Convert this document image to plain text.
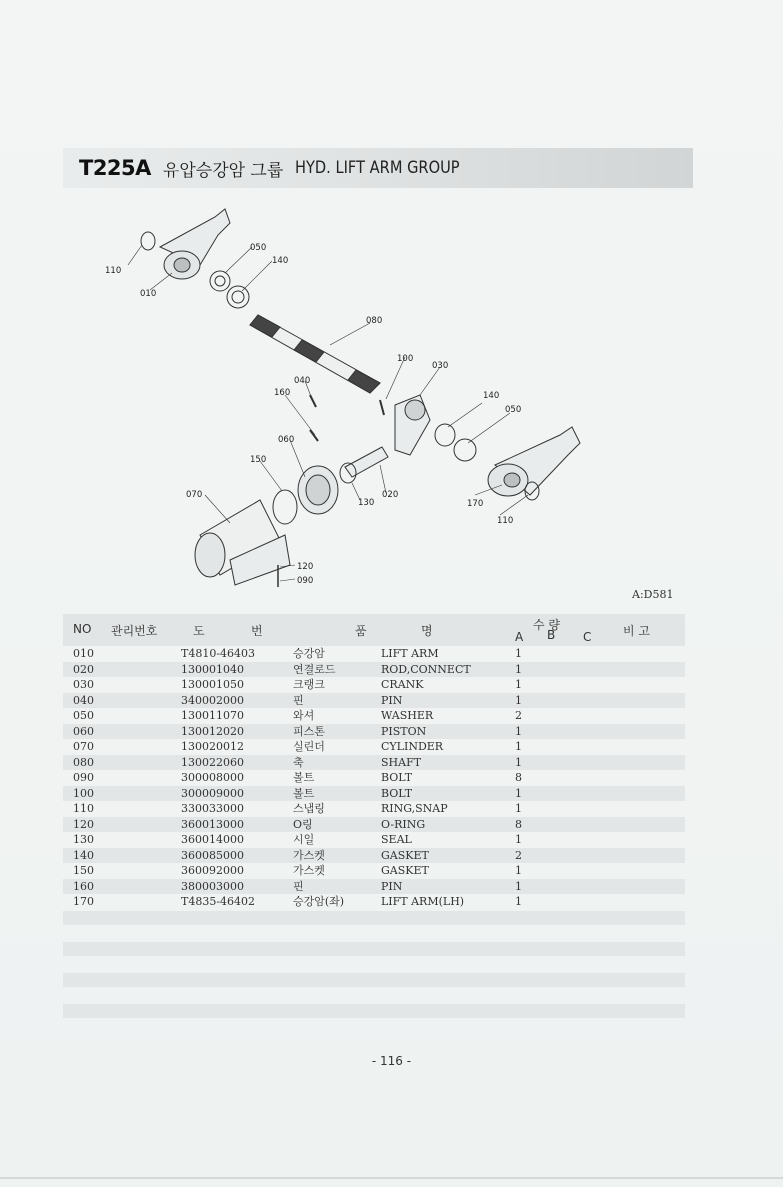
T225A 유압승강암 그룹 HYD. LIFT ARM GROUP
110
010
050
140
080
100
030
040
160	140
050
060
150
070
130
020
170
110
120
090
A:D581
NO 관리번호	도	번	품	명	수 량
A B C	비 고
010	T4810-46403	승강암	LIFT ARM	1
020	130001040	연결로드	ROD,CONNECT	1
030	130001050	크랭크	CRANK	1
040	340002000	핀	PIN	1
050	130011070	와셔	WASHER	2
060	130012020	피스톤	PISTON	1
070	130020012	실린더	CYLINDER	1
080	130022060	축	SHAFT	1
090	300008000	볼트	BOLT	8
100	300009000	볼트	BOLT	1
110	330033000	스냅링	RING,SNAP	1
120	360013000	O링	O-RING	8
130	360014000	시일	SEAL	1
140	360085000	가스켓	GASKET	2
150	360092000	가스켓	GASKET	1
160	380003000	핀	PIN	1
170	T4835-46402	승강암(좌)	LIFT ARM(LH)	1
- 116 -
